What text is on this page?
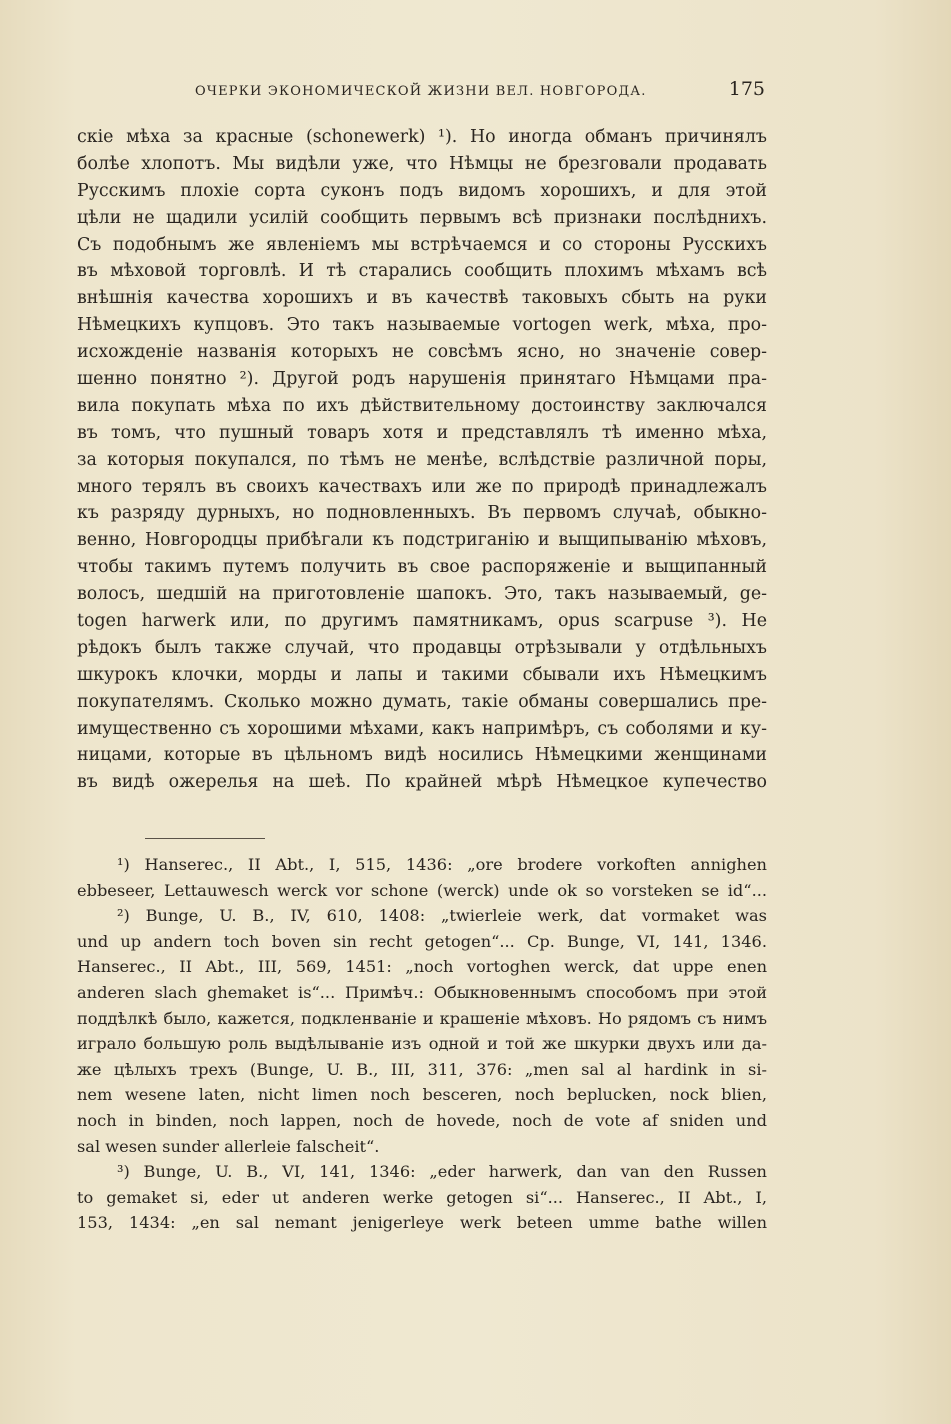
ОЧЕРКИ ЭКОНОМИЧЕСКОЙ ЖИЗНИ ВЕЛ. НОВГОРОДА.	175
скіе мѣха за красные (schonewerk) ¹). Но иногда обманъ причинялъ
болѣе хлопотъ. Мы видѣли уже, что Нѣмцы не брезговали продавать
Русскимъ плохіе сорта суконъ подъ видомъ хорошихъ, и для этой
цѣли не щадили усилій сообщить первымъ всѣ признаки послѣднихъ.
Съ подобнымъ же явленіемъ мы встрѣчаемся и со стороны Русскихъ
въ мѣховой торговлѣ. И тѣ старались сообщить плохимъ мѣхамъ всѣ
внѣшнія качества хорошихъ и въ качествѣ таковыхъ сбыть на руки
Нѣмецкихъ купцовъ. Это такъ называемые vortogen werk, мѣха, про-
исхожденіе названія которыхъ не совсѣмъ ясно, но значеніе совер-
шенно понятно ²). Другой родъ нарушенія принятаго Нѣмцами пра-
вила покупать мѣха по ихъ дѣйствительному достоинству заключался
въ томъ, что пушный товаръ хотя и представлялъ тѣ именно мѣха,
за которыя покупался, по тѣмъ не менѣе, вслѣдствіе различной поры,
много терялъ въ своихъ качествахъ или же по природѣ принадлежалъ
къ разряду дурныхъ, но подновленныхъ. Въ первомъ случаѣ, обыкно-
венно, Новгородцы прибѣгали къ подстриганію и выщипыванію мѣховъ,
чтобы такимъ путемъ получить въ свое распоряженіе и выщипанный
волосъ, шедшій на приготовленіе шапокъ. Это, такъ называемый, ge-
togen harwerk или, по другимъ памятникамъ, opus scarpuse ³). Не
рѣдокъ былъ также случай, что продавцы отрѣзывали у отдѣльныхъ
шкурокъ клочки, морды и лапы и такими сбывали ихъ Нѣмецкимъ
покупателямъ. Сколько можно думать, такіе обманы совершались пре-
имущественно съ хорошими мѣхами, какъ напримѣръ, съ соболями и ку-
ницами, которые въ цѣльномъ видѣ носились Нѣмецкими женщинами
въ видѣ ожерелья на шеѣ. По крайней мѣрѣ Нѣмецкое купечество
¹) Hanserec., II Abt., I, 515, 1436: „ore brodere vorkoften annighen
ebbeseer, Lettauwesch werck vor schone (werck) unde ok so vorsteken se id“...
²) Bunge, U. B., IV, 610, 1408: „twierleie werk, dat vormaket was
und up andern toch boven sin recht getogen“... Ср. Bunge, VI, 141, 1346.
Hanserec., II Abt., III, 569, 1451: „noch vortoghen werck, dat uppe enen
anderen slach ghemaket is“... Примѣч.: Обыкновеннымъ способомъ при этой
поддѣлкѣ было, кажется, подкленваніе и крашеніе мѣховъ. Но рядомъ съ нимъ
играло большую роль выдѣлываніе изъ одной и той же шкурки двухъ или да-
же цѣлыхъ трехъ (Bunge, U. B., III, 311, 376: „men sal al hardink in si-
nem wesene laten, nicht limen noch besceren, noch beplucken, nock blien,
noch in binden, noch lappen, noch de hovede, noch de vote af sniden und
sal wesen sunder allerleie falscheit“.
³) Bunge, U. B., VI, 141, 1346: „eder harwerk, dan van den Russen
to gemaket si, eder ut anderen werke getogen si“... Hanserec., II Abt., I,
153, 1434: „en sal nemant jenigerleye werk beteen umme bathe willen
